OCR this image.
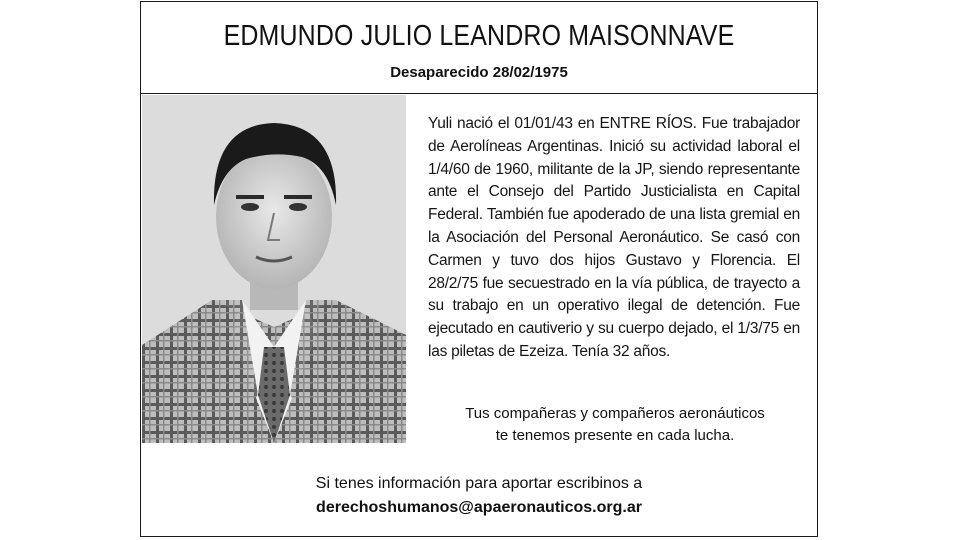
EDMUNDO JULIO LEANDRO MAISONNAVE
Desaparecido 28/02/1975
Yuli nació el 01/01/43 en ENTRE RÍOS. Fue trabajador de Aerolíneas Argentinas. Inició su actividad laboral el 1/4/60 de 1960, militante de la JP, siendo representante ante el Consejo del Partido Justicialista en Capital Federal. También fue apoderado de una lista gremial en la Asociación del Personal Aeronáutico. Se casó con Carmen y tuvo dos hijos Gustavo y Florencia. El 28/2/75 fue secuestrado en la vía pública, de trayecto a su trabajo en un operativo ilegal de detención. Fue ejecutado en cautiverio y su cuerpo dejado, el 1/3/75 en las piletas de Ezeiza. Tenía 32 años.
Tus compañeras y compañeros aeronáuticos
te tenemos presente en cada lucha.
Si tenes información para aportar escribinos a
derechoshumanos@apaeronauticos.org.ar
